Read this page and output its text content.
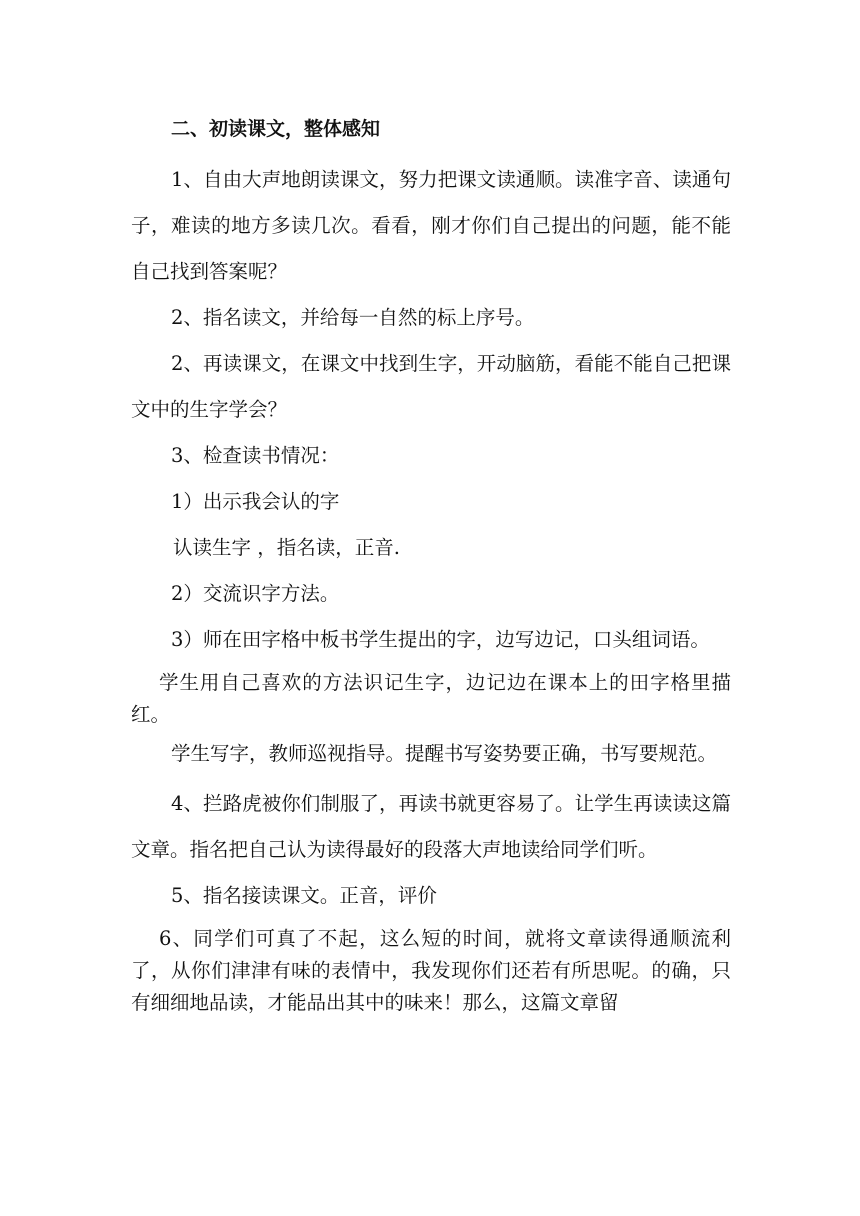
二、初读课文，整体感知

1、自由大声地朗读课文，努力把课文读通顺。读准字音、读通句子，难读的地方多读几次。看看，刚才你们自己提出的问题，能不能自己找到答案呢？

2、指名读文，并给每一自然的标上序号。

2、再读课文，在课文中找到生字，开动脑筋，看能不能自己把课文中的生字学会？

3、检查读书情况：

1）出示我会认的字

认读生字 ，指名读，正音.

2）交流识字方法。

3）师在田字格中板书学生提出的字，边写边记，口头组词语。

学生用自己喜欢的方法识记生字，边记边在课本上的田字格里描红。

学生写字，教师巡视指导。提醒书写姿势要正确，书写要规范。

4、拦路虎被你们制服了，再读书就更容易了。让学生再读读这篇文章。指名把自己认为读得最好的段落大声地读给同学们听。

5、指名接读课文。正音，评价

6、同学们可真了不起，这么短的时间，就将文章读得通顺流利了，从你们津津有味的表情中，我发现你们还若有所思呢。的确，只有细细地品读，才能品出其中的味来！那么，这篇文章留
